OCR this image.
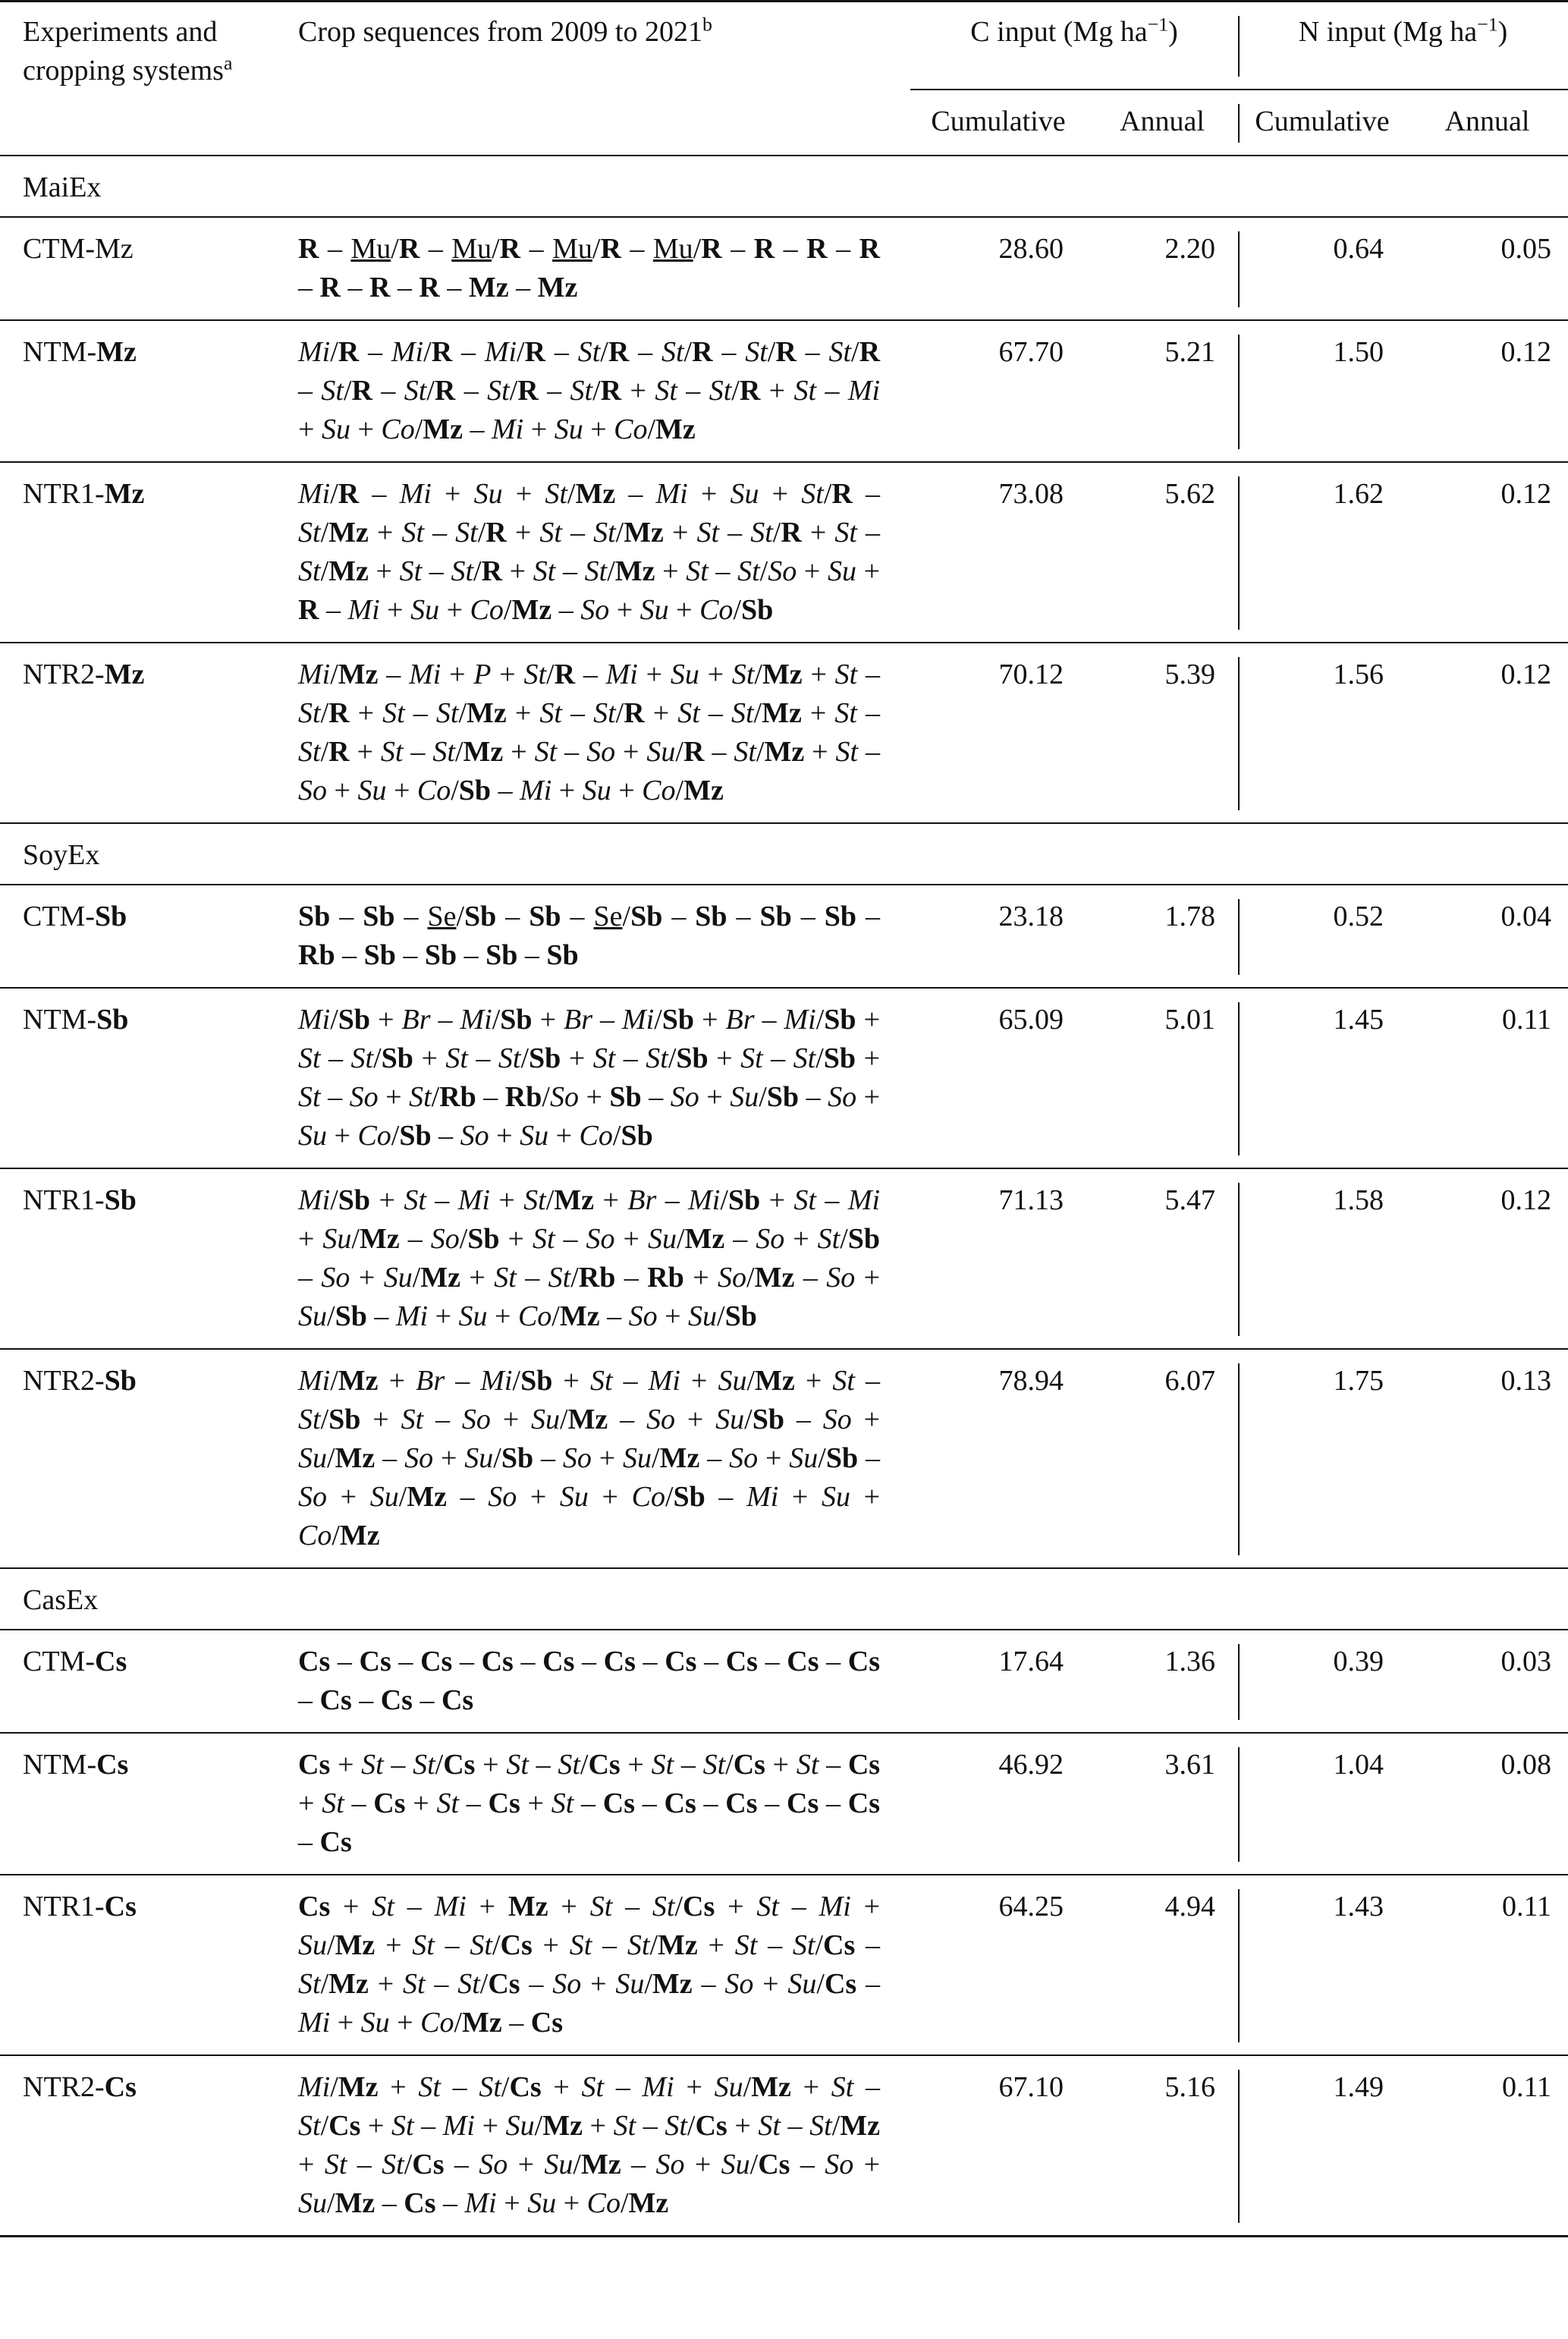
Experiments and
cropping systems$^a$	Crop sequences from 2009 to 2021$^b$	C input (Mg $ha^{-1}$)		N input (Mg $ha^{-1}$)	
		Cumulative	Annual	Cumulative	Annual
MaiEx					
CTM-Mz	R – Mu/R – Mu/R – Mu/R – Mu/R – R – R – R – R – R – R – Mz – Mz	28.60	2.20	0.64	0.05
NTM-Mz	Mi/R – Mi/R – Mi/R – St/R – St/R – St/R – St/R – St/R – St/R – St/R – St/R + St – St/R + St – Mi + Su + Co/Mz – Mi + Su + Co/Mz	67.70	5.21	1.50	0.12
NTR1-Mz	Mi/R – Mi + Su + St/Mz – Mi + Su + St/R – St/Mz + St – St/R + St – St/Mz + St – St/R + St – St/Mz + St – St/R + St – St/Mz + St – St/So + Su + R – Mi + Su + Co/Mz – So + Su + Co/Sb	73.08	5.62	1.62	0.12
NTR2-Mz	Mi/Mz – Mi + P + St/R – Mi + Su + St/Mz + St – St/R + St – St/Mz + St – St/R + St – St/Mz + St – St/R + St – St/Mz + St – So + Su/R – St/Mz + St – So + Su + Co/Sb – Mi + Su + Co/Mz	70.12	5.39	1.56	0.12
SoyEx					
CTM-Sb	Sb – Sb – Se/Sb – Sb – Se/Sb – Sb – Sb – Sb – Rb – Sb – Sb – Sb – Sb	23.18	1.78	0.52	0.04
NTM-Sb	Mi/Sb + Br – Mi/Sb + Br – Mi/Sb + Br – Mi/Sb + St – St/Sb + St – St/Sb + St – St/Sb + St – St/Sb + St – So + St/Rb – Rb/So + Sb – So + Su/Sb – So + Su + Co/Sb – So + Su + Co/Sb	65.09	5.01	1.45	0.11
NTR1-Sb	Mi/Sb + St – Mi + St/Mz + Br – Mi/Sb + St – Mi + Su/Mz – So/Sb + St – So + Su/Mz – So + St/Sb – So + Su/Mz + St – St/Rb – Rb + So/Mz – So + Su/Sb – Mi + Su + Co/Mz – So + Su/Sb	71.13	5.47	1.58	0.12
NTR2-Sb	Mi/Mz + Br – Mi/Sb + St – Mi + Su/Mz + St – St/Sb + St – So + Su/Mz – So + Su/Sb – So + Su/Mz – So + Su/Sb – So + Su/Mz – So + Su/Sb – So + Su/Mz – So + Su + Co/Sb – Mi + Su + Co/Mz	78.94	6.07	1.75	0.13
CasEx					
CTM-Cs	Cs – Cs – Cs – Cs – Cs – Cs – Cs – Cs – Cs – Cs – Cs – Cs – Cs	17.64	1.36	0.39	0.03
NTM-Cs	Cs + St – St/Cs + St – St/Cs + St – St/Cs + St – Cs + St – Cs + St – Cs + St – Cs – Cs – Cs – Cs – Cs – Cs	46.92	3.61	1.04	0.08
NTR1-Cs	Cs + St – Mi + Mz + St – St/Cs + St – Mi + Su/Mz + St – St/Cs + St – St/Mz + St – St/Cs – St/Mz + St – St/Cs – So + Su/Mz – So + Su/Cs – Mi + Su + Co/Mz – Cs	64.25	4.94	1.43	0.11
NTR2-Cs	Mi/Mz + St – St/Cs + St – Mi + Su/Mz + St – St/Cs + St – Mi + Su/Mz + St – St/Cs + St – St/Mz + St – St/Cs – So + Su/Mz – So + Su/Cs – So + Su/Mz – Cs – Mi + Su + Co/Mz	67.10	5.16	1.49	0.11
